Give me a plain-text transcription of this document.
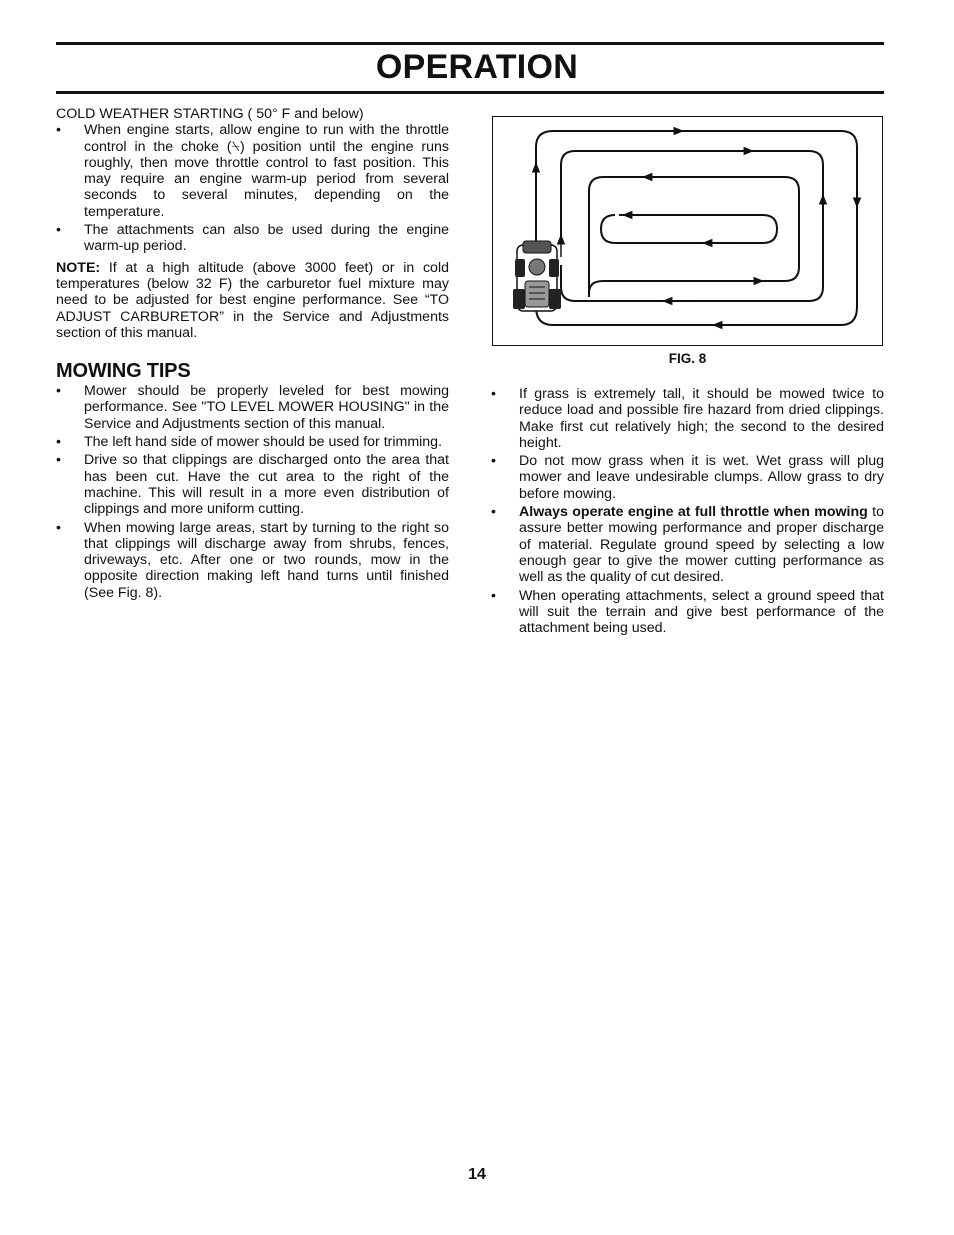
OPERATION

COLD WEATHER STARTING ( 50° F and below)

• When engine starts, allow engine to run with the throttle control in the choke (⍀) position until the engine runs roughly, then move throttle control to fast position. This may require an engine warm-up period from several seconds to several minutes, depending on the temperature.
• The attachments can also be used during the engine warm-up period.

NOTE: If at a high altitude (above 3000 feet) or in cold temperatures (below 32 F) the carburetor fuel mixture may need to be adjusted for best engine performance. See “TO ADJUST CARBURETOR” in the Service and Adjustments section of this manual.

MOWING TIPS
• Mower should be properly leveled for best mowing performance. See "TO LEVEL MOWER HOUSING" in the Service and Adjustments section of this manual.
• The left hand side of mower should be used for trimming.
• Drive so that clippings are discharged onto the area that has been cut. Have the cut area to the right of the machine. This will result in a more even distribution of clippings and more uniform cutting.
• When mowing large areas, start by turning to the right so that clippings will discharge away from shrubs, fences, driveways, etc. After one or two rounds, mow in the opposite direction making left hand turns until finished (See Fig. 8).
FIG. 8
• If grass is extremely tall, it should be mowed twice to reduce load and possible fire hazard from dried clippings. Make first cut relatively high; the second to the desired height.
• Do not mow grass when it is wet. Wet grass will plug mower and leave undesirable clumps. Allow grass to dry before mowing.
• Always operate engine at full throttle when mowing to assure better mowing performance and proper discharge of material. Regulate ground speed by selecting a low enough gear to give the mower cutting performance as well as the quality of cut desired.
• When operating attachments, select a ground speed that will suit the terrain and give best performance of the attachment being used.
14
